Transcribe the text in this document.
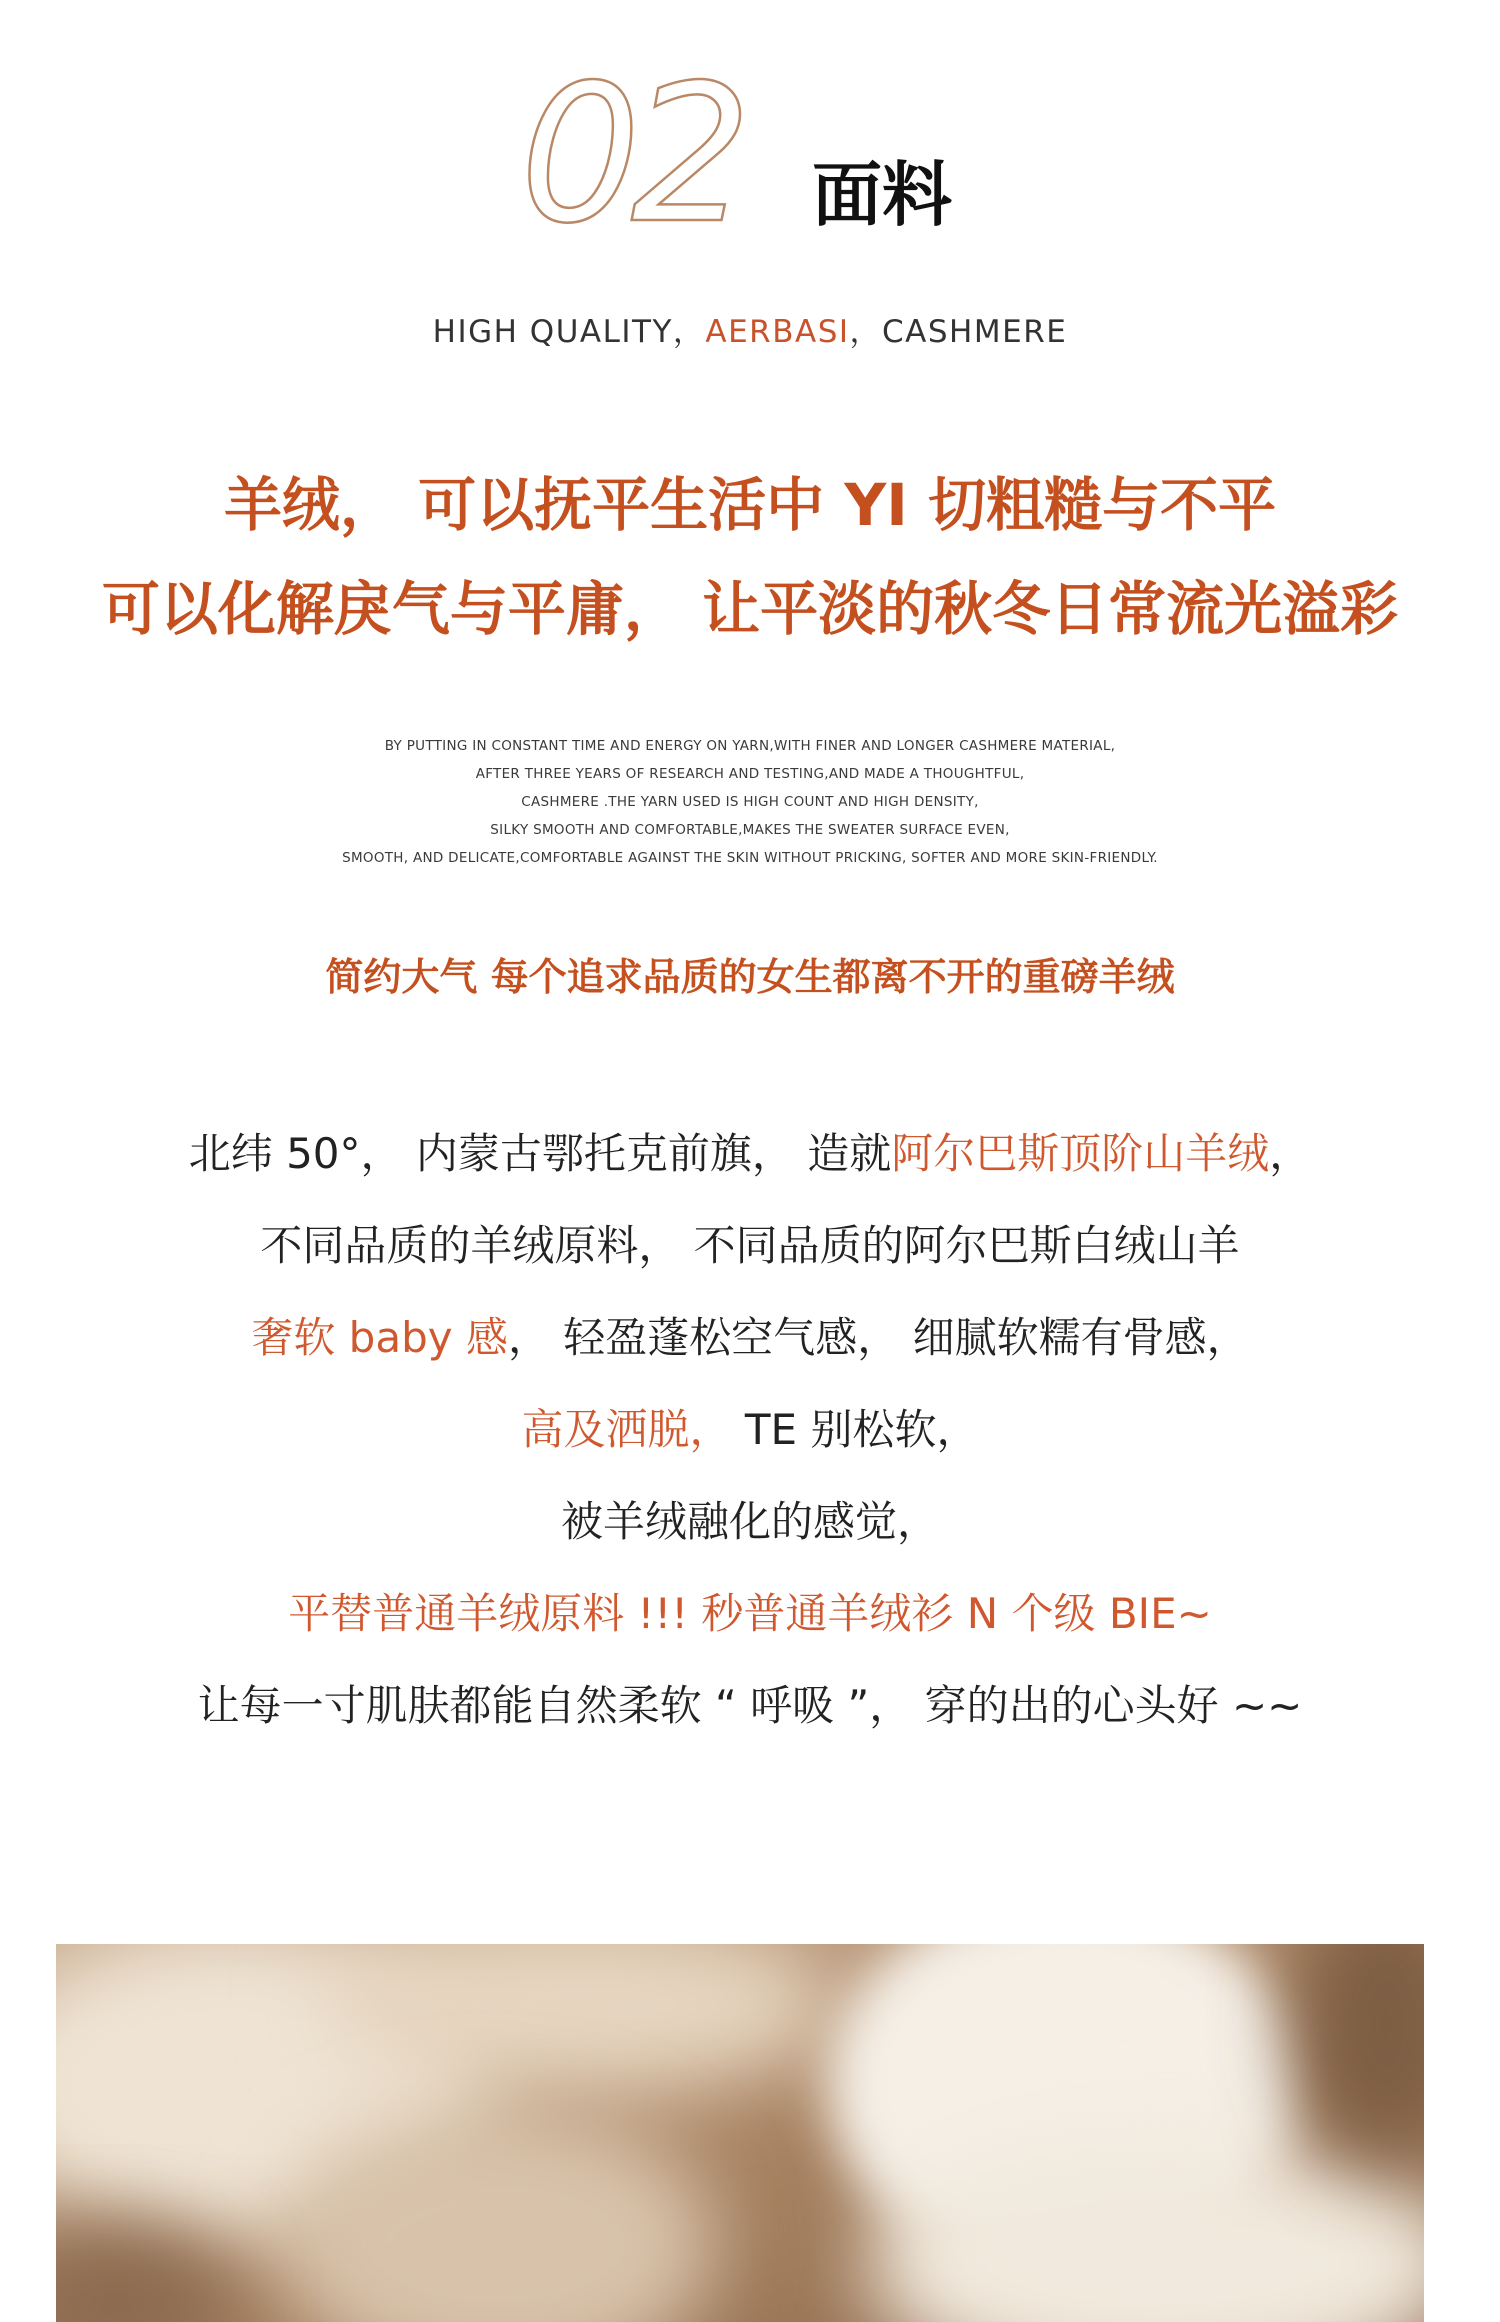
02 面料
HIGH QUALITY，AERBASI，CASHMERE
羊绒， 可以抚平生活中 YI 切粗糙与不平
可以化解戾气与平庸， 让平淡的秋冬日常流光溢彩
BY PUTTING IN CONSTANT TIME AND ENERGY ON YARN,WITH FINER AND LONGER CASHMERE MATERIAL,
AFTER THREE YEARS OF RESEARCH AND TESTING,AND MADE A THOUGHTFUL,
CASHMERE .THE YARN USED IS HIGH COUNT AND HIGH DENSITY,
SILKY SMOOTH AND COMFORTABLE,MAKES THE SWEATER SURFACE EVEN,
SMOOTH, AND DELICATE,COMFORTABLE AGAINST THE SKIN WITHOUT PRICKING, SOFTER AND MORE SKIN-FRIENDLY.
简约大气 每个追求品质的女生都离不开的重磅羊绒
北纬 50°， 内蒙古鄂托克前旗， 造就阿尔巴斯顶阶山羊绒，
不同品质的羊绒原料， 不同品质的阿尔巴斯白绒山羊
奢软 baby 感， 轻盈蓬松空气感， 细腻软糯有骨感，
高及洒脱， TE 别松软，
被羊绒融化的感觉，
平替普通羊绒原料 !!! 秒普通羊绒衫 N 个级 BIE~
让每一寸肌肤都能自然柔软 “ 呼吸 ”， 穿的出的心头好 ~~
